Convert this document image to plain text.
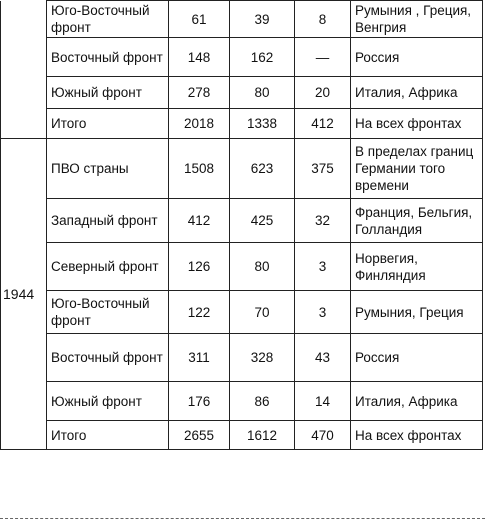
	Юго-Восточный фронт	61	39	8	Румыния , Греция, Венгрия
	Восточный фронт	148	162	—	Россия
	Южный фронт	278	80	20	Италия, Африка
	Итого	2018	1338	412	На всех фронтах
1944	ПВО страны	1508	623	375	В пределах границ Германии того времени
	Западный фронт	412	425	32	Франция, Бельгия, Голландия
	Северный фронт	126	80	3	Норвегия, Финляндия
	Юго-Восточный фронт	122	70	3	Румыния, Греция
	Восточный фронт	311	328	43	Россия
	Южный фронт	176	86	14	Италия, Африка
	Итого	2655	1612	470	На всех фронтах
